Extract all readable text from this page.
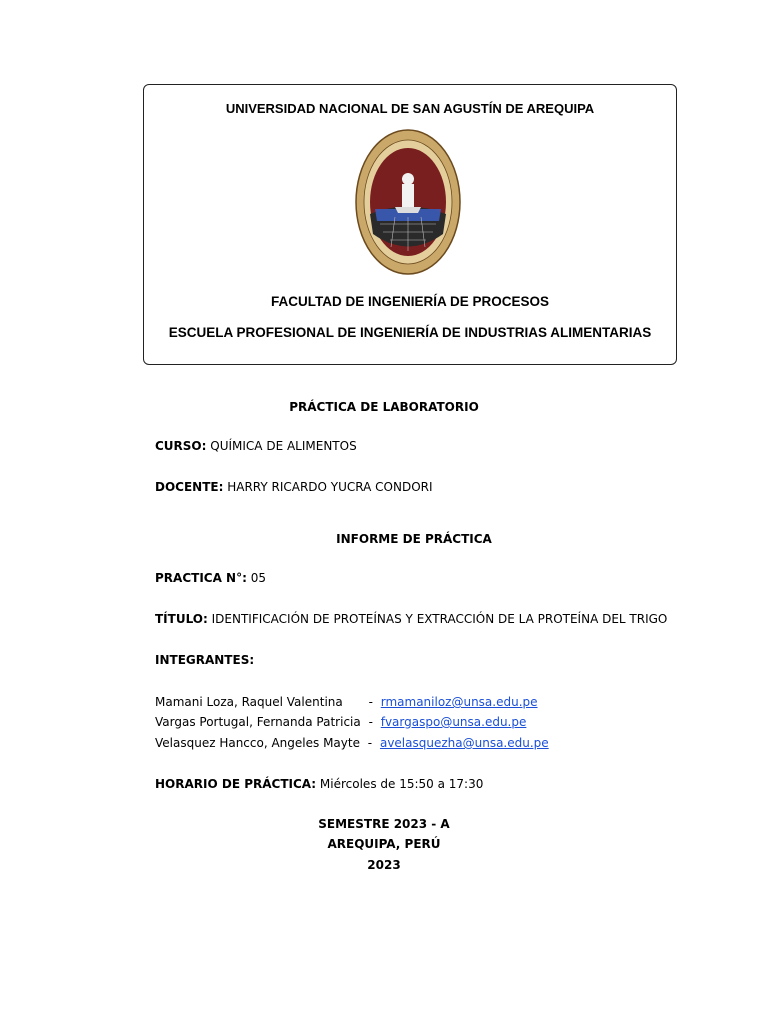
UNIVERSIDAD NACIONAL DE SAN AGUSTÍN DE AREQUIPA
FACULTAD DE INGENIERÍA DE PROCESOS
ESCUELA PROFESIONAL DE INGENIERÍA DE INDUSTRIAS ALIMENTARIAS
PRÁCTICA DE LABORATORIO
CURSO: QUÍMICA DE ALIMENTOS
DOCENTE: HARRY RICARDO YUCRA CONDORI
INFORME DE PRÁCTICA
PRACTICA N°: 05
TÍTULO: IDENTIFICACIÓN DE PROTEÍNAS Y EXTRACCIÓN DE LA PROTEÍNA DEL TRIGO
INTEGRANTES:
Mamani Loza, Raquel Valentina - rmamaniloz@unsa.edu.pe
Vargas Portugal, Fernanda Patricia - fvargaspo@unsa.edu.pe
Velasquez Hancco, Angeles Mayte - avelasquezha@unsa.edu.pe
HORARIO DE PRÁCTICA: Miércoles de 15:50 a 17:30
SEMESTRE 2023 - A
AREQUIPA, PERÚ
2023
